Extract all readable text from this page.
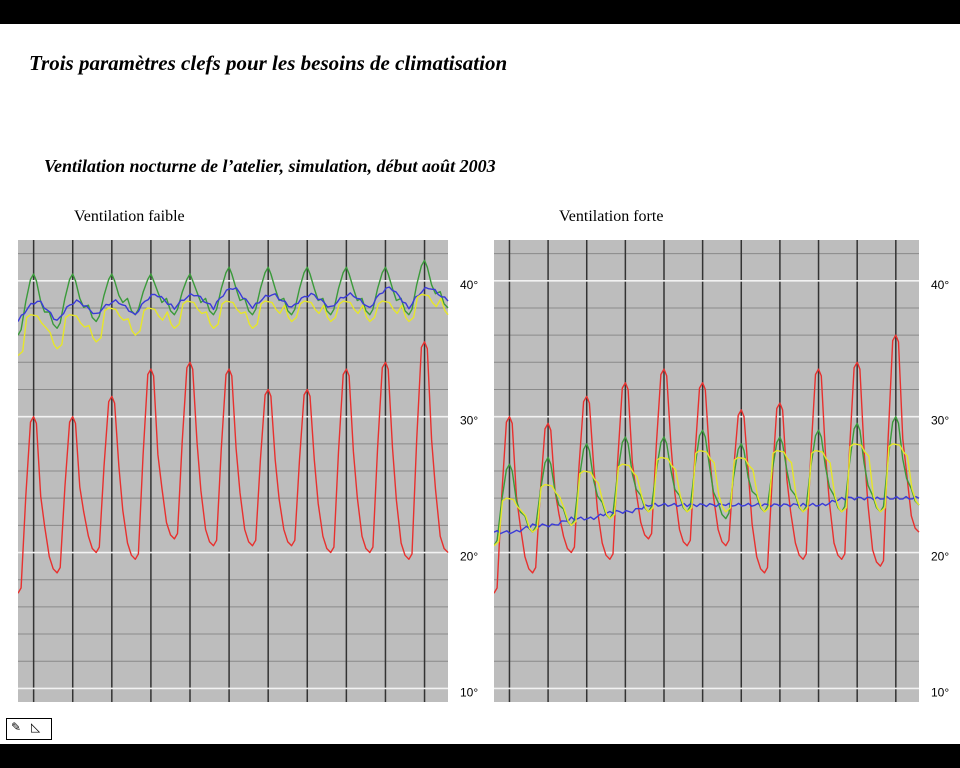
Trois paramètres clefs pour les besoins de climatisation
Ventilation nocturne de l’atelier, simulation, début août 2003
Ventilation faible	Ventilation forte
40°
30°
20°
10°
40°
30°
20°
10°
✎ ◺
